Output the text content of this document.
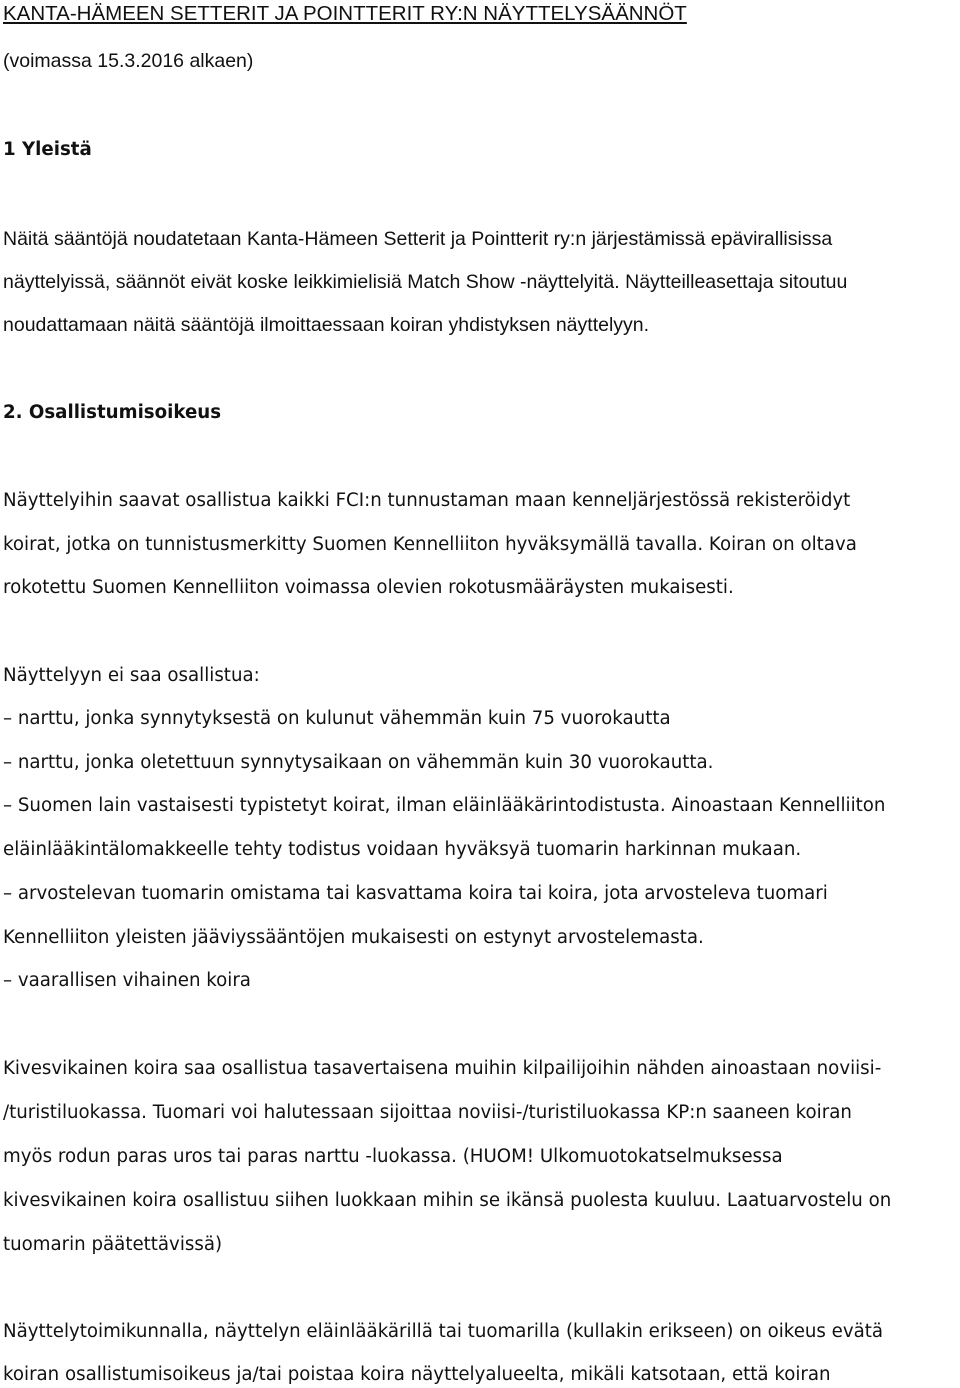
KANTA-HÄMEEN SETTERIT JA POINTTERIT RY:N NÄYTTELYSÄÄNNÖT
(voimassa 15.3.2016 alkaen)
1 Yleistä
Näitä sääntöjä noudatetaan Kanta-Hämeen Setterit ja Pointterit ry:n järjestämissä epävirallisissa
näyttelyissä, säännöt eivät koske leikkimielisiä Match Show -näyttelyitä. Näytteilleasettaja sitoutuu
noudattamaan näitä sääntöjä ilmoittaessaan koiran yhdistyksen näyttelyyn.
2. Osallistumisoikeus
Näyttelyihin saavat osallistua kaikki FCI:n tunnustaman maan kenneljärjestössä rekisteröidyt
koirat, jotka on tunnistusmerkitty Suomen Kennelliiton hyväksymällä tavalla. Koiran on oltava
rokotettu Suomen Kennelliiton voimassa olevien rokotusmääräysten mukaisesti.
Näyttelyyn ei saa osallistua:
– narttu, jonka synnytyksestä on kulunut vähemmän kuin 75 vuorokautta
– narttu, jonka oletettuun synnytysaikaan on vähemmän kuin 30 vuorokautta.
– Suomen lain vastaisesti typistetyt koirat, ilman eläinlääkärintodistusta. Ainoastaan Kennelliiton
eläinlääkintälomakkeelle tehty todistus voidaan hyväksyä tuomarin harkinnan mukaan.
– arvostelevan tuomarin omistama tai kasvattama koira tai koira, jota arvosteleva tuomari
Kennelliiton yleisten jääviyssääntöjen mukaisesti on estynyt arvostelemasta.
– vaarallisen vihainen koira
Kivesvikainen koira saa osallistua tasavertaisena muihin kilpailijoihin nähden ainoastaan noviisi-
/turistiluokassa. Tuomari voi halutessaan sijoittaa noviisi-/turistiluokassa KP:n saaneen koiran
myös rodun paras uros tai paras narttu -luokassa. (HUOM! Ulkomuotokatselmuksessa
kivesvikainen koira osallistuu siihen luokkaan mihin se ikänsä puolesta kuuluu. Laatuarvostelu on
tuomarin päätettävissä)
Näyttelytoimikunnalla, näyttelyn eläinlääkärillä tai tuomarilla (kullakin erikseen) on oikeus evätä
koiran osallistumisoikeus ja/tai poistaa koira näyttelyalueelta, mikäli katsotaan, että koiran
